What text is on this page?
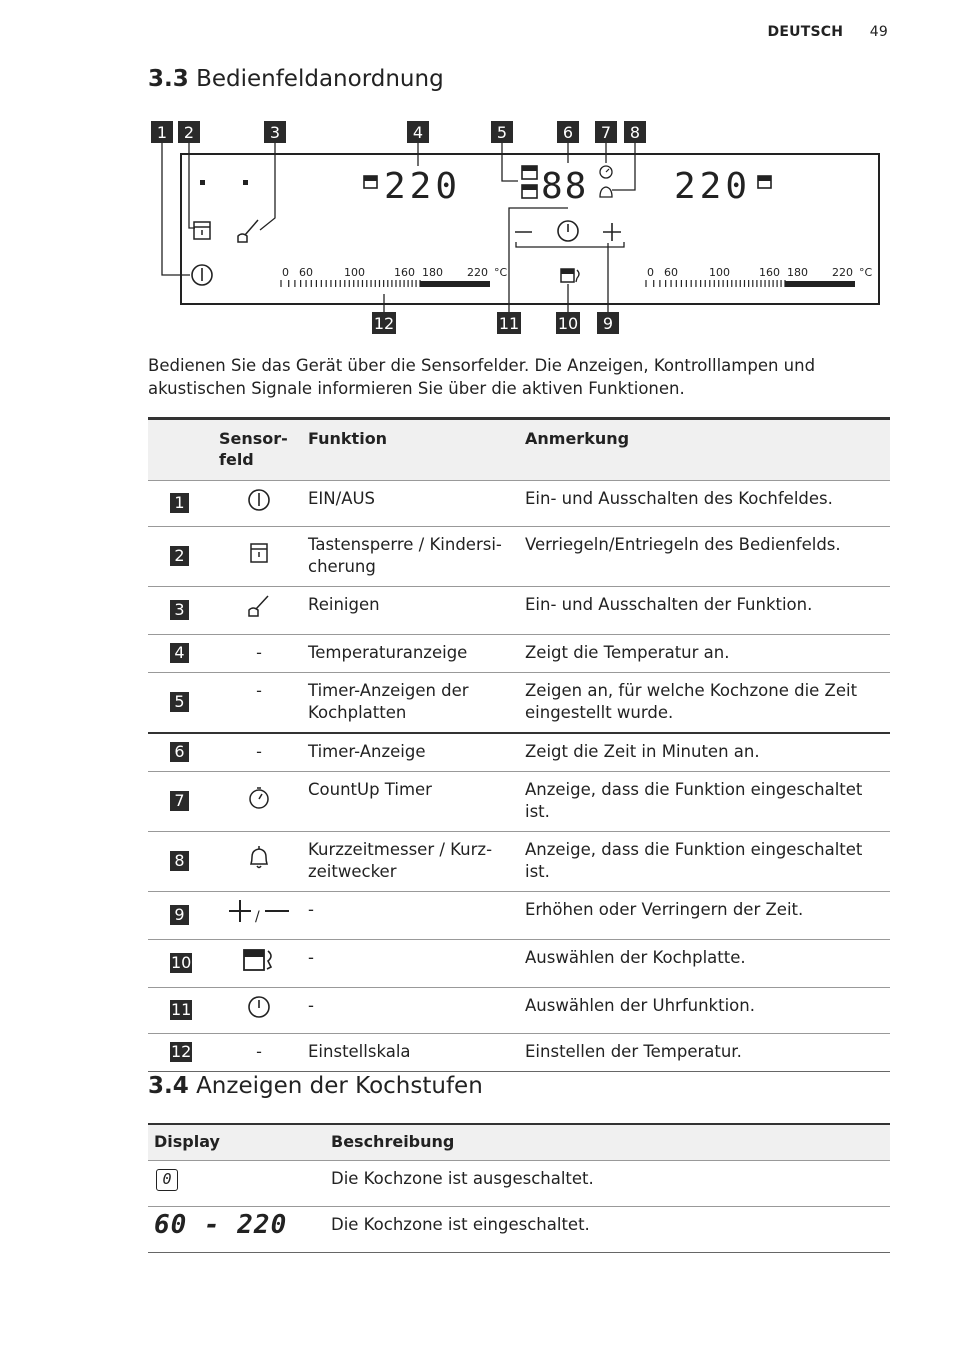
DEUTSCH 49
3.3 Bedienfeldanordnung
1 2	3	4	5	6 7 8
12	11 10 9
220 88 220
0 60	100	160 180 220 °C	0 60	100	160 180 220 °C

Bedienen Sie das Gerät über die Sensorfelder. Die Anzeigen, Kontrolllampen und akustischen Signale informieren Sie über die aktiven Funktionen.

	Sensor-
feld	Funktion	Anmerkung
1		EIN/AUS	Ein- und Ausschalten des Kochfeldes.
2		Tastensperre / Kindersi-
cherung	Verriegeln/Entriegeln des Bedienfelds.
3		Reinigen	Ein- und Ausschalten der Funktion.
4	-	Temperaturanzeige	Zeigt die Temperatur an.
5	-	Timer-Anzeigen der
Kochplatten	Zeigen an, für welche Kochzone die Zeit
eingestellt wurde.
6	-	Timer-Anzeige	Zeigt die Zeit in Minuten an.
7		CountUp Timer	Anzeige, dass die Funktion eingeschaltet
ist.
8		Kurzzeitmesser / Kurz-
zeitwecker	Anzeige, dass die Funktion eingeschaltet
ist.
9	/	-	Erhöhen oder Verringern der Zeit.
10		-	Auswählen der Kochplatte.
11		-	Auswählen der Uhrfunktion.
12	-	Einstellskala	Einstellen der Temperatur.
3.4 Anzeigen der Kochstufen
Display	Beschreibung
0	Die Kochzone ist ausgeschaltet.
60 - 220	Die Kochzone ist eingeschaltet.
